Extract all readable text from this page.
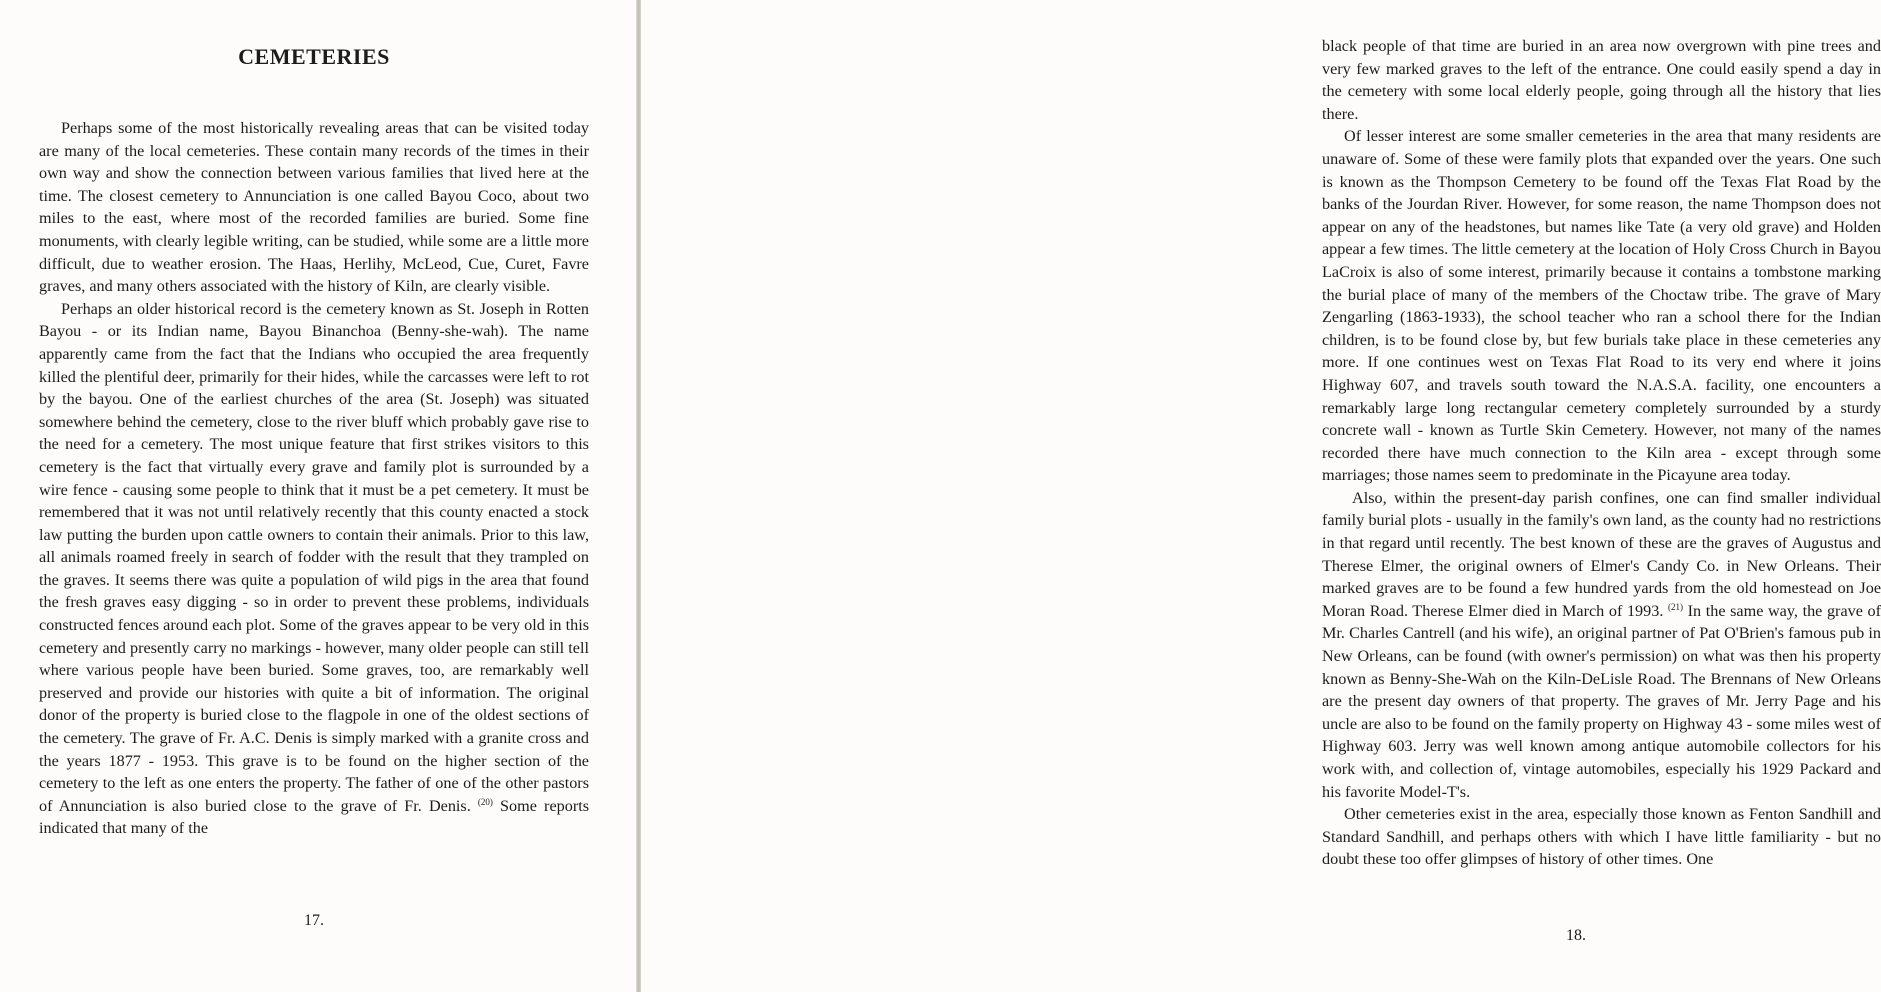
CEMETERIES

Perhaps some of the most historically revealing areas that can be visited today are many of the local cemeteries. These contain many records of the times in their own way and show the connection between various families that lived here at the time. The closest cemetery to Annunciation is one called Bayou Coco, about two miles to the east, where most of the recorded families are buried. Some fine monuments, with clearly legible writing, can be studied, while some are a little more difficult, due to weather erosion. The Haas, Herlihy, McLeod, Cue, Curet, Favre graves, and many others associated with the history of Kiln, are clearly visible.

Perhaps an older historical record is the cemetery known as St. Joseph in Rotten Bayou - or its Indian name, Bayou Binanchoa (Benny-she-wah). The name apparently came from the fact that the Indians who occupied the area frequently killed the plentiful deer, primarily for their hides, while the carcasses were left to rot by the bayou. One of the earliest churches of the area (St. Joseph) was situated somewhere behind the cemetery, close to the river bluff which probably gave rise to the need for a cemetery. The most unique feature that first strikes visitors to this cemetery is the fact that virtually every grave and family plot is surrounded by a wire fence - causing some people to think that it must be a pet cemetery. It must be remembered that it was not until relatively recently that this county enacted a stock law putting the burden upon cattle owners to contain their animals. Prior to this law, all animals roamed freely in search of fodder with the result that they trampled on the graves. It seems there was quite a population of wild pigs in the area that found the fresh graves easy digging - so in order to prevent these problems, individuals constructed fences around each plot. Some of the graves appear to be very old in this cemetery and presently carry no markings - however, many older people can still tell where various people have been buried. Some graves, too, are remarkably well preserved and provide our histories with quite a bit of information. The original donor of the property is buried close to the flagpole in one of the oldest sections of the cemetery. The grave of Fr. A.C. Denis is simply marked with a granite cross and the years 1877 - 1953. This grave is to be found on the higher section of the cemetery to the left as one enters the property. The father of one of the other pastors of Annunciation is also buried close to the grave of Fr. Denis. $^{(20)}$ Some reports indicated that many of the

17.

black people of that time are buried in an area now overgrown with pine trees and very few marked graves to the left of the entrance. One could easily spend a day in the cemetery with some local elderly people, going through all the history that lies there.

Of lesser interest are some smaller cemeteries in the area that many residents are unaware of. Some of these were family plots that expanded over the years. One such is known as the Thompson Cemetery to be found off the Texas Flat Road by the banks of the Jourdan River. However, for some reason, the name Thompson does not appear on any of the headstones, but names like Tate (a very old grave) and Holden appear a few times. The little cemetery at the location of Holy Cross Church in Bayou LaCroix is also of some interest, primarily because it contains a tombstone marking the burial place of many of the members of the Choctaw tribe. The grave of Mary Zengarling (1863-1933), the school teacher who ran a school there for the Indian children, is to be found close by, but few burials take place in these cemeteries any more. If one continues west on Texas Flat Road to its very end where it joins Highway 607, and travels south toward the N.A.S.A. facility, one encounters a remarkably large long rectangular cemetery completely surrounded by a sturdy concrete wall - known as Turtle Skin Cemetery. However, not many of the names recorded there have much connection to the Kiln area - except through some marriages; those names seem to predominate in the Picayune area today.

Also, within the present-day parish confines, one can find smaller individual family burial plots - usually in the family's own land, as the county had no restrictions in that regard until recently. The best known of these are the graves of Augustus and Therese Elmer, the original owners of Elmer's Candy Co. in New Orleans. Their marked graves are to be found a few hundred yards from the old homestead on Joe Moran Road. Therese Elmer died in March of 1993. $^{(21)}$ In the same way, the grave of Mr. Charles Cantrell (and his wife), an original partner of Pat O'Brien's famous pub in New Orleans, can be found (with owner's permission) on what was then his property known as Benny-She-Wah on the Kiln-DeLisle Road. The Brennans of New Orleans are the present day owners of that property. The graves of Mr. Jerry Page and his uncle are also to be found on the family property on Highway 43 - some miles west of Highway 603. Jerry was well known among antique automobile collectors for his work with, and collection of, vintage automobiles, especially his 1929 Packard and his favorite Model-T's.

Other cemeteries exist in the area, especially those known as Fenton Sandhill and Standard Sandhill, and perhaps others with which I have little familiarity - but no doubt these too offer glimpses of history of other times. One

18.
